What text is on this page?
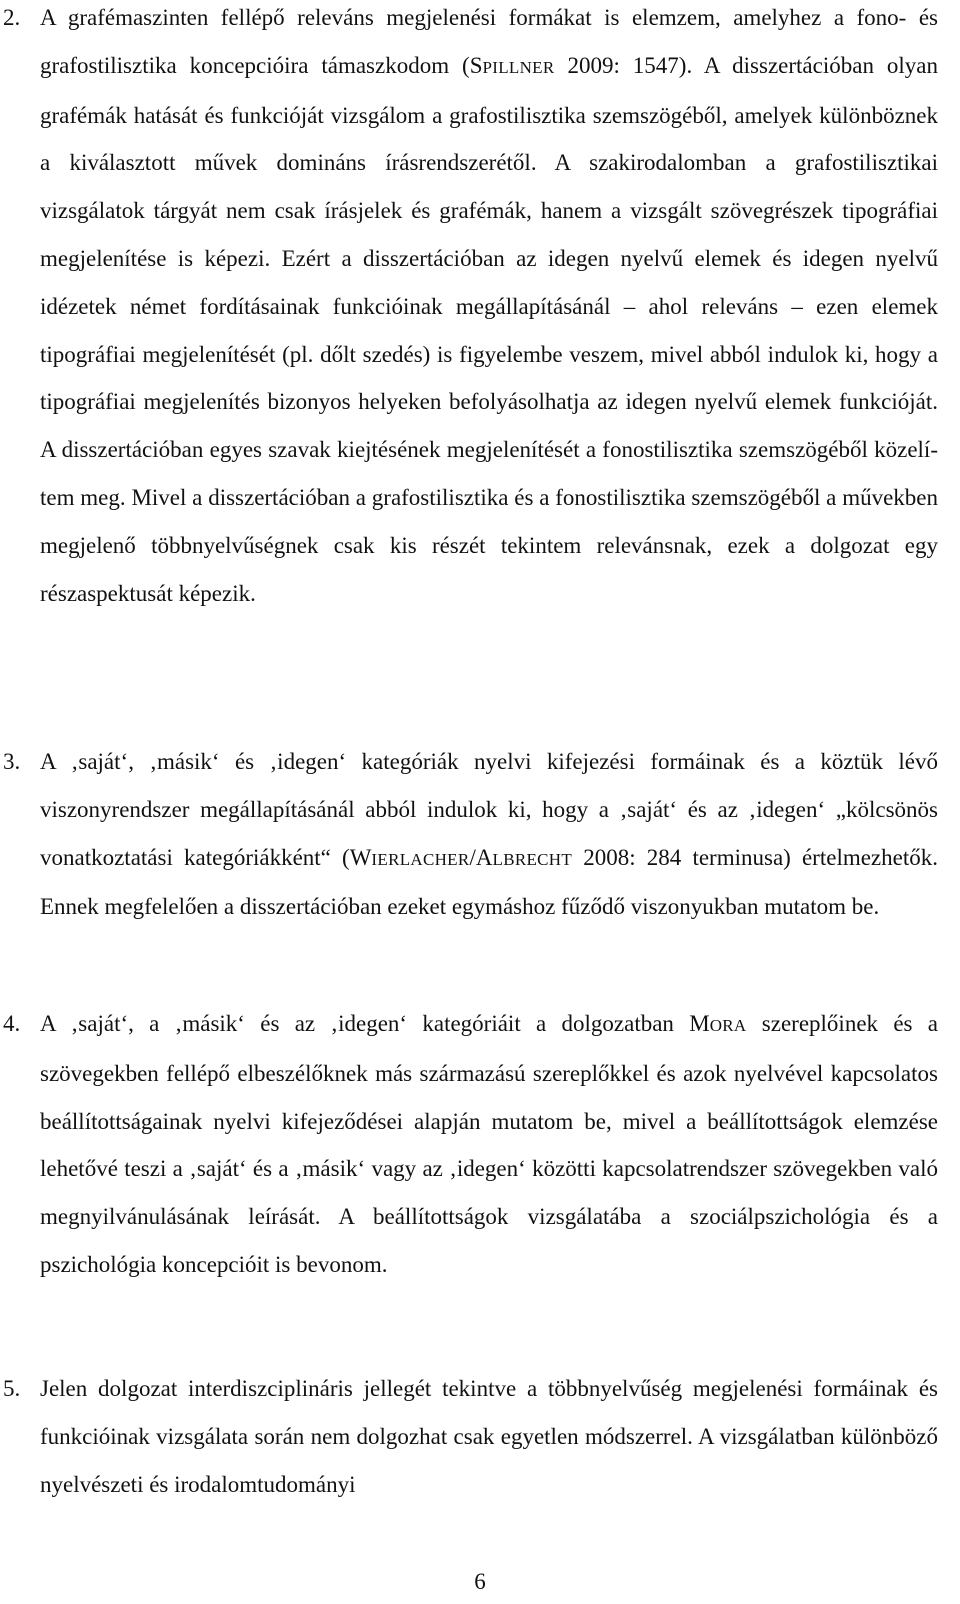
2. A grafémaszinten fellépő releváns megjelenési formákat is elemzem, amelyhez a fono- és grafostilisztika koncepcióira támaszkodom (SPILLNER 2009: 1547). A disszertációban olyan grafémák hatását és funkcióját vizsgálom a grafostilisztika szemszögéből, amelyek különböznek a kiválasztott művek domináns írásrendszerétől. A szakirodalomban a grafostilisztikai vizsgálatok tárgyát nem csak írásjelek és grafémák, hanem a vizsgált szövegrészek tipográfiai megjelenítése is képezi. Ezért a disszertációban az idegen nyelvű elemek és idegen nyelvű idézetek német fordításainak funkcióinak megállapításánál – ahol releváns – ezen elemek tipográfiai megjelenítését (pl. dőlt szedés) is figyelembe veszem, mivel abból indulok ki, hogy a tipográfiai megjelenítés bizonyos helyeken befolyásolhatja az idegen nyelvű elemek funkcióját. A disszertációban egyes szavak kiejtésének megjelenítését a fonostilisztika szemszögéből közelítem meg. Mivel a disszertációban a grafostilisztika és a fonostilisztika szemszögéből a művekben megjelenő többnyelvűségnek csak kis részét tekintem relevánsnak, ezek a dolgozat egy részaspektusát képezik.
3. A ‚saját‘, ‚másik‘ és ‚idegen‘ kategóriák nyelvi kifejezési formáinak és a köztük lévő viszonyrendszer megállapításánál abból indulok ki, hogy a ‚saját‘ és az ‚idegen‘ „kölcsönös vonatkoztatási kategóriákként“ (WIERLACHER/ALBRECHT 2008: 284 terminusa) értelmezhetők. Ennek megfelelően a disszertációban ezeket egymáshoz fűződő viszonyukban mutatom be.
4. A ‚saját‘, a ‚másik‘ és az ‚idegen‘ kategóriáit a dolgozatban MORA szereplőinek és a szövegekben fellépő elbeszélőknek más származású szereplőkkel és azok nyelvével kapcsolatos beállítottságainak nyelvi kifejeződései alapján mutatom be, mivel a beállítottságok elemzése lehetővé teszi a ‚saját‘ és a ‚másik‘ vagy az ‚idegen‘ közötti kapcsolatrendszer szövegekben való megnyilvánulásának leírását. A beállítottságok vizsgálatába a szociálpszichológia és a pszichológia koncepcióit is bevonom.
5. Jelen dolgozat interdiszciplináris jellegét tekintve a többnyelvűség megjelenési formáinak és funkcióinak vizsgálata során nem dolgozhat csak egyetlen módszerrel. A vizsgálatban különböző nyelvészeti és irodalomtudományi
6
